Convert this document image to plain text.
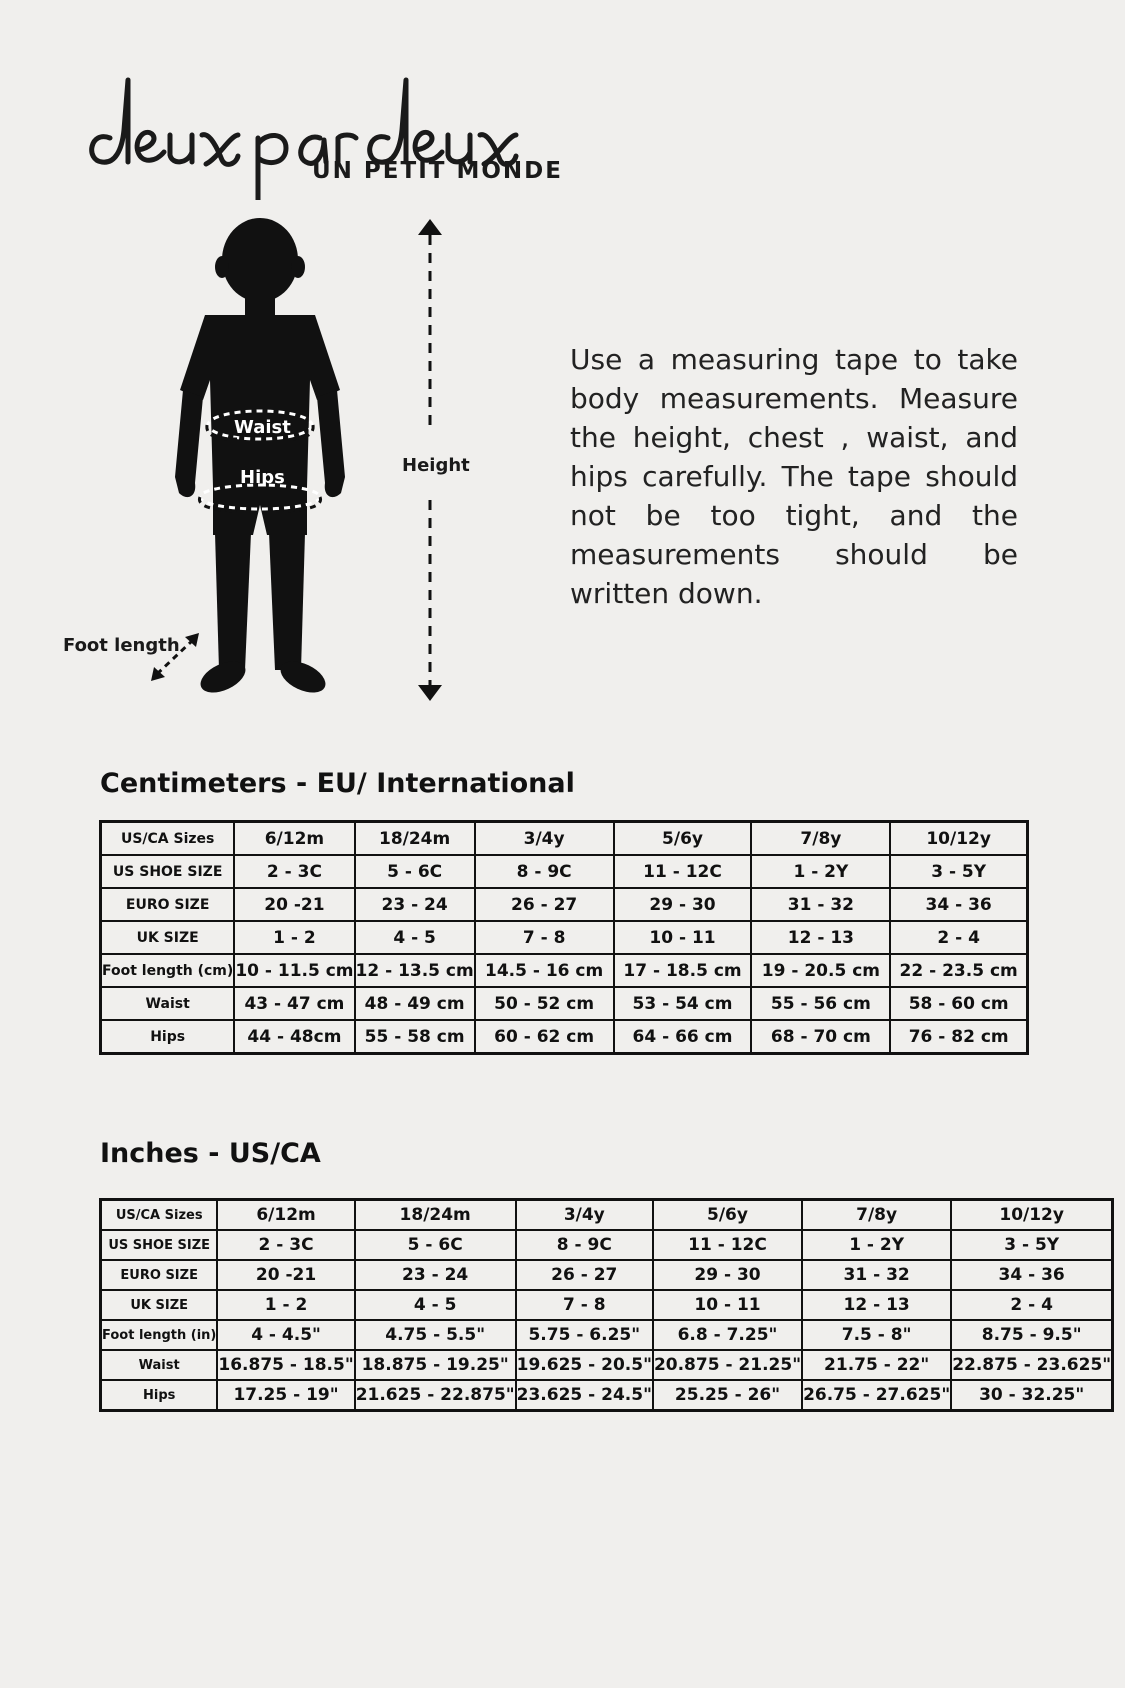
UN PETIT MONDE
Waist
Hips
Height
Foot length
Use a measuring tape to take body measurements. Measure the height, chest , waist, and hips carefully. The tape should not be too tight, and the measurements should be written down.
Centimeters - EU/ International
US/CA Sizes	6/12m	18/24m	3/4y	5/6y	7/8y	10/12y
US SHOE SIZE	2 - 3C	5 - 6C	8 - 9C	11 - 12C	1 - 2Y	3 - 5Y
EURO SIZE	20 -21	23 - 24	26 - 27	29 - 30	31 - 32	34 - 36
UK SIZE	1 - 2	4 - 5	7 - 8	10 - 11	12 - 13	2 - 4
Foot length (cm)	10 - 11.5 cm	12 - 13.5 cm	14.5 - 16 cm	17 - 18.5 cm	19 - 20.5 cm	22 - 23.5 cm
Waist	43 - 47 cm	48 - 49 cm	50 - 52 cm	53 - 54 cm	55 - 56 cm	58 - 60 cm
Hips	44 - 48cm	55 - 58 cm	60 - 62 cm	64 - 66 cm	68 - 70 cm	76 - 82 cm
Inches - US/CA
US/CA Sizes	6/12m	18/24m	3/4y	5/6y	7/8y	10/12y
US SHOE SIZE	2 - 3C	5 - 6C	8 - 9C	11 - 12C	1 - 2Y	3 - 5Y
EURO SIZE	20 -21	23 - 24	26 - 27	29 - 30	31 - 32	34 - 36
UK SIZE	1 - 2	4 - 5	7 - 8	10 - 11	12 - 13	2 - 4
Foot length (in)	4 - 4.5"	4.75 - 5.5"	5.75 - 6.25"	6.8 - 7.25"	7.5 - 8"	8.75 - 9.5"
Waist	16.875 - 18.5"	18.875 - 19.25"	19.625 - 20.5"	20.875 - 21.25"	21.75 - 22"	22.875 - 23.625"
Hips	17.25 - 19"	21.625 - 22.875"	23.625 - 24.5"	25.25 - 26"	26.75 - 27.625"	30 - 32.25"
